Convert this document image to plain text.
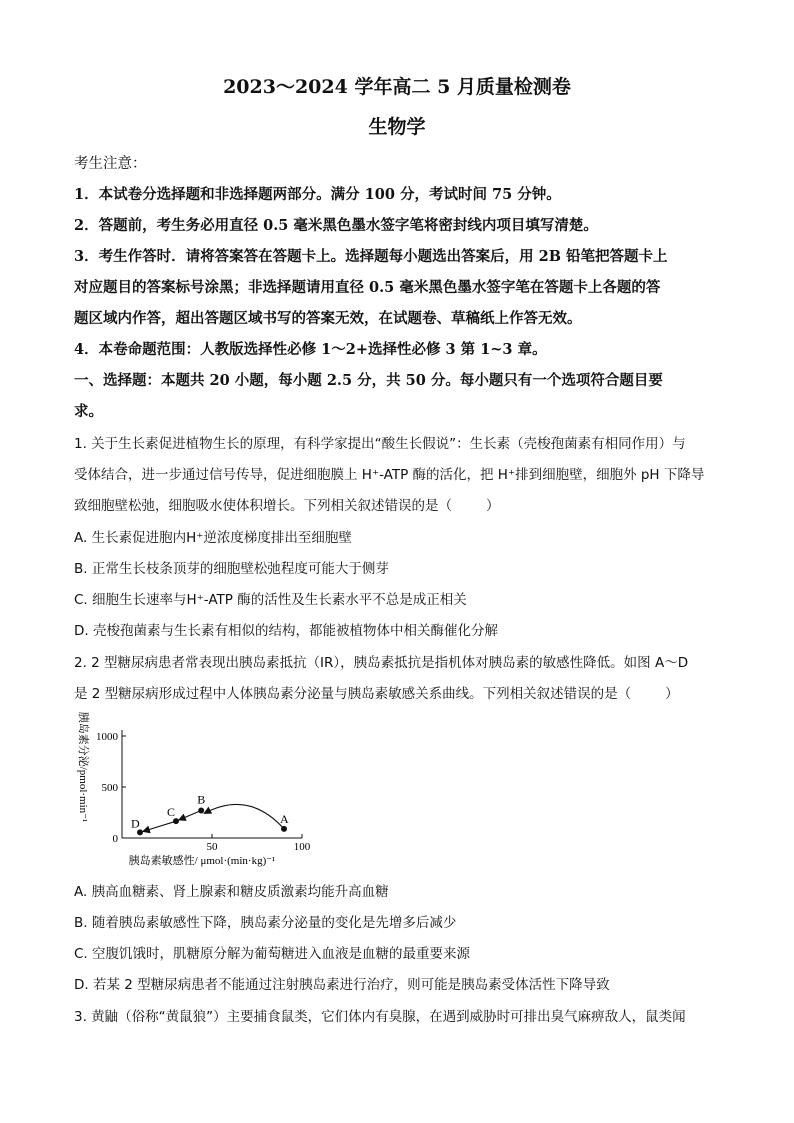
2023～2024 学年高二 5 月质量检测卷
生物学
考生注意：
1．本试卷分选择题和非选择题两部分。满分 100 分，考试时间 75 分钟。
2．答题前，考生务必用直径 0.5 毫米黑色墨水签字笔将密封线内项目填写清楚。
3．考生作答时．请将答案答在答题卡上。选择题每小题选出答案后，用 2B 铅笔把答题卡上
对应题目的答案标号涂黑；非选择题请用直径 0.5 毫米黑色墨水签字笔在答题卡上各题的答
题区域内作答，超出答题区域书写的答案无效，在试题卷、草稿纸上作答无效。
4．本卷命题范围：人教版选择性必修 1～2+选择性必修 3 第 1~3 章。
一、选择题：本题共 20 小题，每小题 2.5 分，共 50 分。每小题只有一个选项符合题目要
求。
1. 关于生长素促进植物生长的原理，有科学家提出“酸生长假说”：生长素（壳梭孢菌素有相同作用）与
受体结合，进一步通过信号传导，促进细胞膜上 H⁺-ATP 酶的活化，把 H⁺排到细胞壁，细胞外 pH 下降导
致细胞壁松弛，细胞吸水使体积增长。下列相关叙述错误的是（	）
A. 生长素促进胞内H⁺逆浓度梯度排出至细胞壁
B. 正常生长枝条顶芽的细胞壁松弛程度可能大于侧芽
C. 细胞生长速率与H⁺-ATP 酶的活性及生长素水平不总是成正相关
D. 壳梭孢菌素与生长素有相似的结构，都能被植物体中相关酶催化分解
2. 2 型糖尿病患者常表现出胰岛素抵抗（IR），胰岛素抵抗是指机体对胰岛素的敏感性降低。如图 A～D
是 2 型糖尿病形成过程中人体胰岛素分泌量与胰岛素敏感关系曲线。下列相关叙述错误的是（	）
0
500
1000
50	100
胰岛素敏感性/ μmol·(min·kg)⁻¹
胰岛素分泌/pmol·min⁻¹	A
B
C
D
A. 胰高血糖素、肾上腺素和糖皮质激素均能升高血糖
B. 随着胰岛素敏感性下降，胰岛素分泌量的变化是先增多后减少
C. 空腹饥饿时，肌糖原分解为葡萄糖进入血液是血糖的最重要来源
D. 若某 2 型糖尿病患者不能通过注射胰岛素进行治疗，则可能是胰岛素受体活性下降导致
3. 黄鼬（俗称“黄鼠狼”）主要捕食鼠类，它们体内有臭腺，在遇到威胁时可排出臭气麻痹敌人，鼠类闻
